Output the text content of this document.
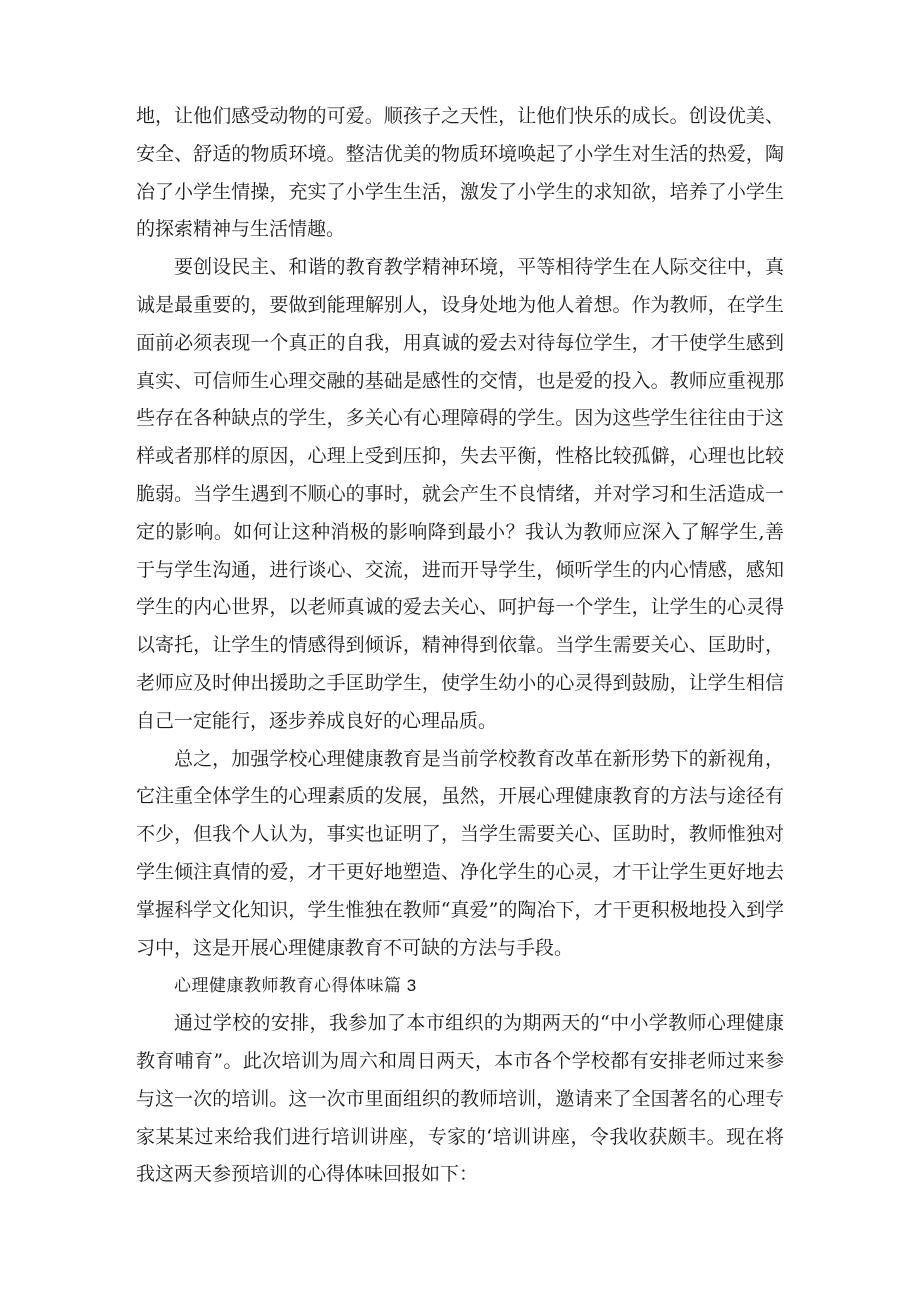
地，让他们感受动物的可爱。顺孩子之天性，让他们快乐的成长。创设优美、安全、舒适的物质环境。整洁优美的物质环境唤起了小学生对生活的热爱，陶冶了小学生情操，充实了小学生生活，激发了小学生的求知欲，培养了小学生的探索精神与生活情趣。

要创设民主、和谐的教育教学精神环境，平等相待学生在人际交往中，真诚是最重要的，要做到能理解别人，设身处地为他人着想。作为教师，在学生面前必须表现一个真正的自我，用真诚的爱去对待每位学生，才干使学生感到真实、可信师生心理交融的基础是感性的交情，也是爱的投入。教师应重视那些存在各种缺点的学生，多关心有心理障碍的学生。因为这些学生往往由于这样或者那样的原因，心理上受到压抑，失去平衡，性格比较孤僻，心理也比较脆弱。当学生遇到不顺心的事时，就会产生不良情绪，并对学习和生活造成一定的影响。如何让这种消极的影响降到最小？我认为教师应深入了解学生,善于与学生沟通，进行谈心、交流，进而开导学生，倾听学生的内心情感，感知学生的内心世界，以老师真诚的爱去关心、呵护每一个学生，让学生的心灵得以寄托，让学生的情感得到倾诉，精神得到依靠。当学生需要关心、匡助时，老师应及时伸出援助之手匡助学生，使学生幼小的心灵得到鼓励，让学生相信自己一定能行，逐步养成良好的心理品质。

总之，加强学校心理健康教育是当前学校教育改革在新形势下的新视角，它注重全体学生的心理素质的发展，虽然，开展心理健康教育的方法与途径有不少，但我个人认为，事实也证明了，当学生需要关心、匡助时，教师惟独对学生倾注真情的爱，才干更好地塑造、净化学生的心灵，才干让学生更好地去掌握科学文化知识，学生惟独在教师“真爱”的陶冶下，才干更积极地投入到学习中，这是开展心理健康教育不可缺的方法与手段。

心理健康教师教育心得体味篇 3

通过学校的安排，我参加了本市组织的为期两天的“中小学教师心理健康教育哺育”。此次培训为周六和周日两天，本市各个学校都有安排老师过来参与这一次的培训。这一次市里面组织的教师培训，邀请来了全国著名的心理专家某某过来给我们进行培训讲座，专家的‘培训讲座，令我收获颇丰。现在将我这两天参预培训的心得体味回报如下：
